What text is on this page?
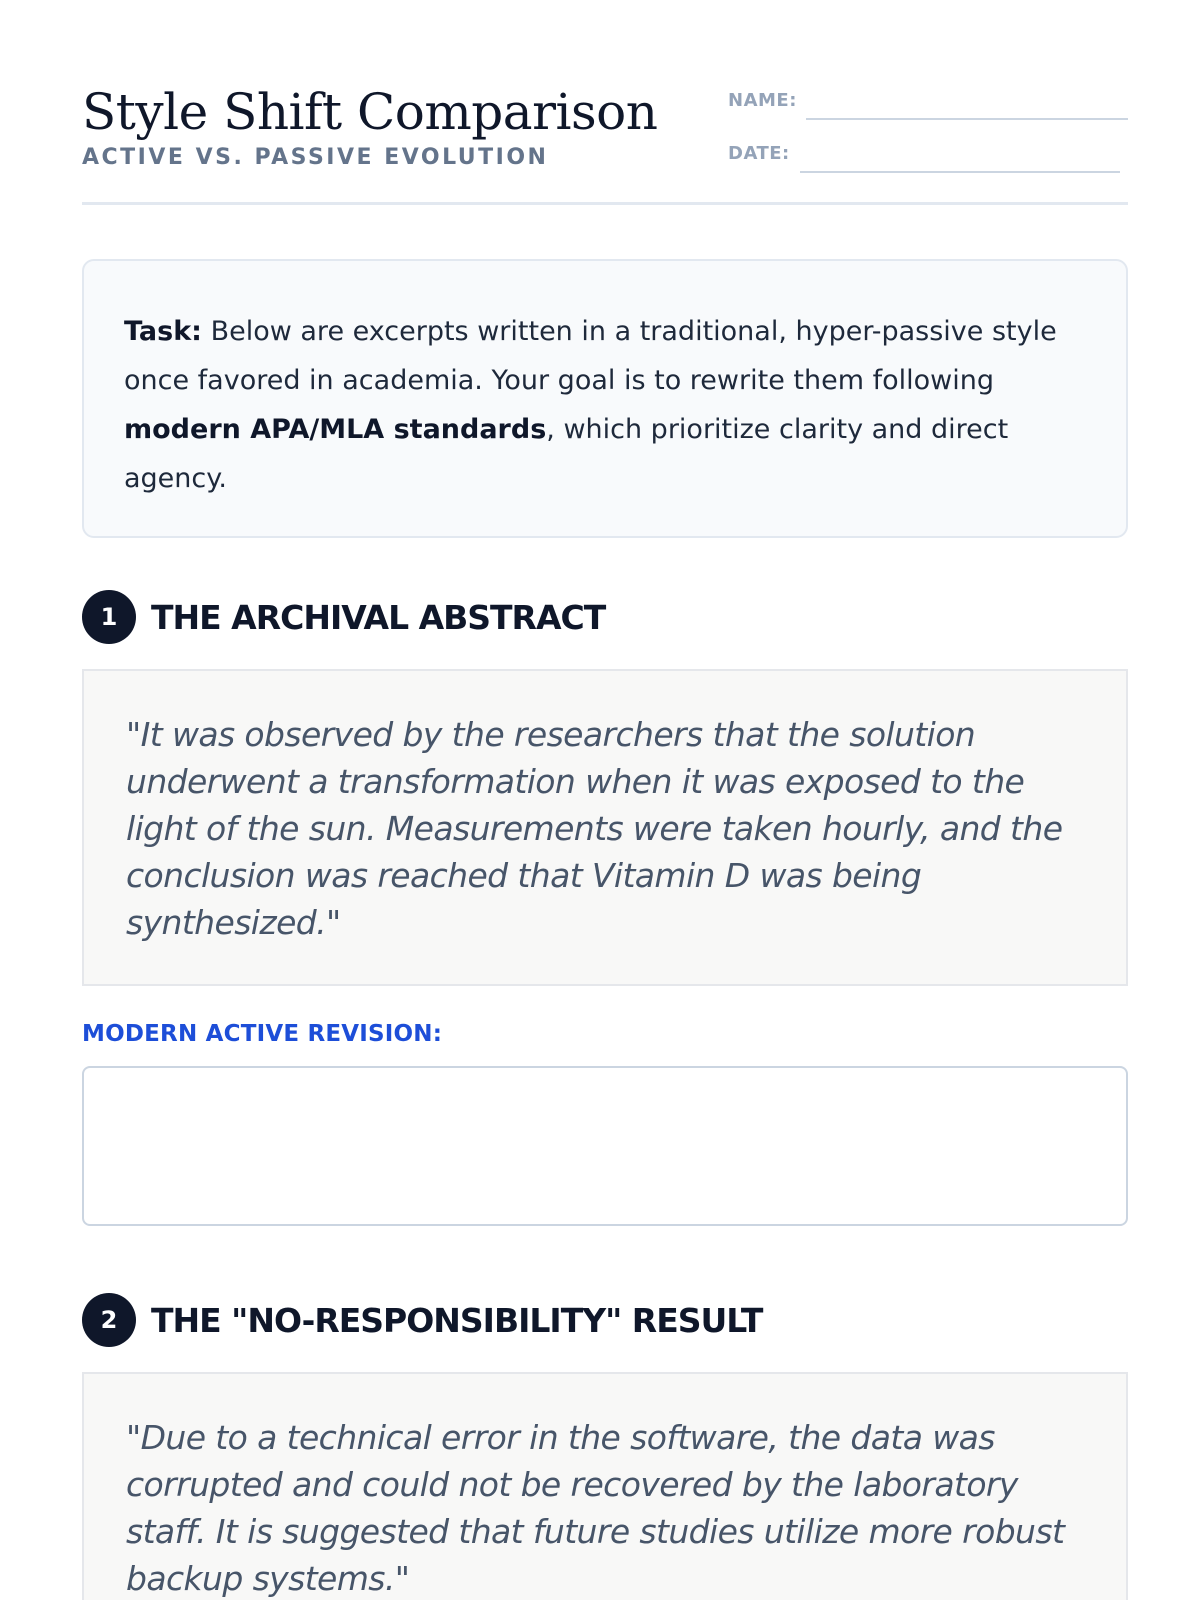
Style Shift Comparison
ACTIVE VS. PASSIVE EVOLUTION
NAME:
DATE:
Task: Below are excerpts written in a traditional, hyper-passive style once favored in academia. Your goal is to rewrite them following modern APA/MLA standards, which prioritize clarity and direct agency.
1	THE ARCHIVAL ABSTRACT
"It was observed by the researchers that the solution underwent a transformation when it was exposed to the light of the sun. Measurements were taken hourly, and the conclusion was reached that Vitamin D was being synthesized."
MODERN ACTIVE REVISION:
2	THE "NO-RESPONSIBILITY" RESULT
"Due to a technical error in the software, the data was corrupted and could not be recovered by the laboratory staff. It is suggested that future studies utilize more robust backup systems."
